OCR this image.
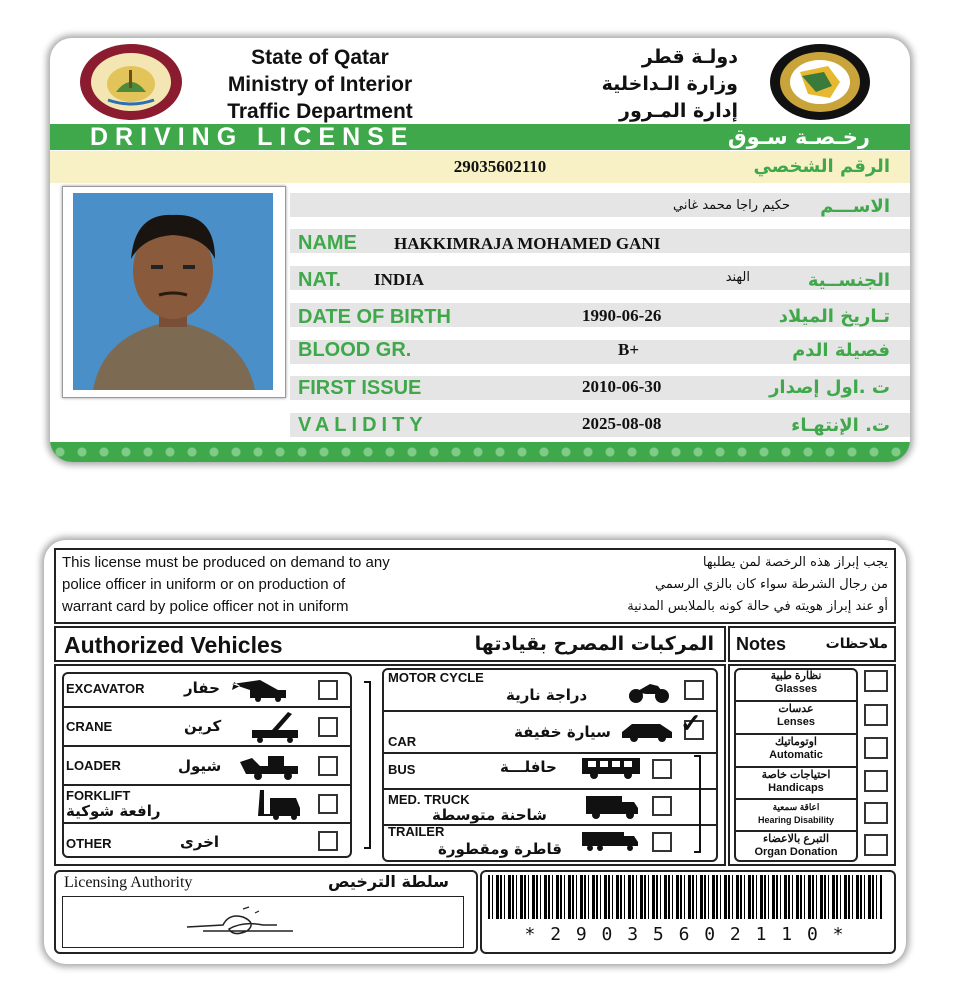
State of Qatar
Ministry of Interior
Traffic Department
دولـة قطر
وزارة الـداخلية
إدارة المـرور
DRIVING LICENSE	رخـصـة سـوق
29035602110	الرقم الشخصي
الاســـم
حكيم راجا محمد غاني
NAME HAKKIMRAJA MOHAMED GANI
NAT. INDIA	الهند	الجنســية
DATE OF BIRTH	1990-06-26	تـاريخ الميلاد
BLOOD GR.	B+	فصيلة الدم
FIRST ISSUE	2010-06-30	ت .اول إصدار
VALIDITY	2025-08-08	ت. الإنتهـاء
This license must be produced on demand to any
police officer in uniform or on production of
warrant card by police officer not in uniform
يجب إبراز هذه الرخصة لمن يطلبها
من رجال الشرطة سواء كان بالزي الرسمي
أو عند إبراز هويته في حالة كونه بالملابس المدنية
Authorized Vehicles	المركبات المصرح بقيادتها Notes	ملاحظات
EXCAVATOR	حفار
CRANE	كرين
LOADER	شيول
FORKLIFT
رافعة شوكية
OTHER	اخرى
MOTOR CYCLE
دراجة نارية
CAR
سيارة خفيفة	✓
BUS	حافلـــة
MED. TRUCK
شاحنة متوسطة
TRAILER
قاطرة ومقطورة
نظارة طبية
Glasses
عدسات
Lenses
اوتوماتيك
Automatic
احتياجات خاصة
Handicaps
اعاقة سمعية
Hearing Disability
التبرع بالاعضاء
Organ Donation
Licensing Authority	سلطة الترخيص
* 2 9 0 3 5 6 0 2 1 1 0 *
